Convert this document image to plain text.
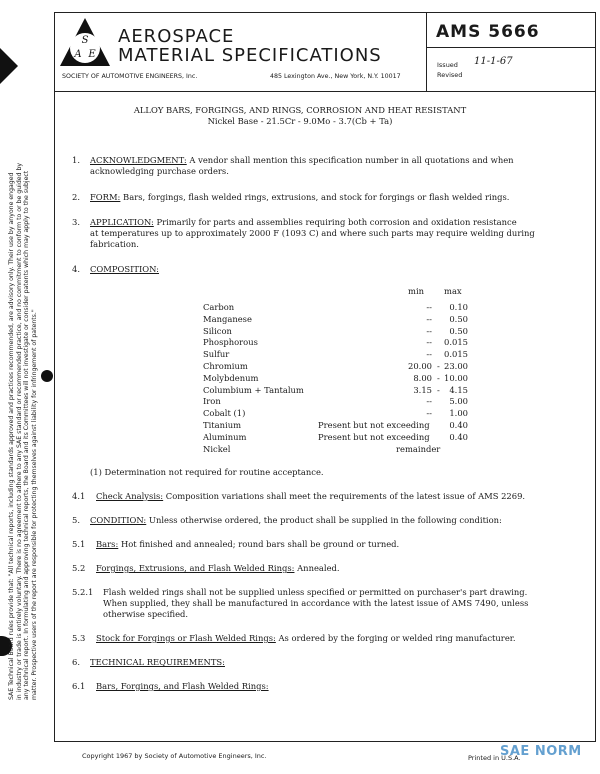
SAE Technical Board rules provide that: "All technical reports, including standards approved and practices recommended, are advisory only. Their use by anyone engaged in industry or trade is entirely voluntary. There is no agreement to adhere to any SAE standard or recommended practice, and no commitment to conform to or be guided by any technical report. In formulating and approving technical reports, the Board and its Committees will not investigate or consider patents which may apply to the subject matter. Prospective users of the report are responsible for protecting themselves against liability for infringement of patents."
S
A E
AEROSPACE
MATERIAL SPECIFICATIONS
SOCIETY OF AUTOMOTIVE ENGINEERS, Inc.	485 Lexington Ave., New York, N.Y. 10017
AMS 5666
Issued 11-1-67
Revised
ALLOY BARS, FORGINGS, AND RINGS, CORROSION AND HEAT RESISTANT
Nickel Base - 21.5Cr - 9.0Mo - 3.7(Cb + Ta)
1. ACKNOWLEDGMENT: A vendor shall mention this specification number in all quotations and when
acknowledging purchase orders.
2. FORM: Bars, forgings, flash welded rings, extrusions, and stock for forgings or flash welded rings.
3. APPLICATION: Primarily for parts and assemblies requiring both corrosion and oxidation resistance
at temperatures up to approximately 2000 F (1093 C) and where such parts may require welding during
fabrication.
4. COMPOSITION:
min max
Carbon	-- 0.10
Manganese	-- 0.50
Silicon	-- 0.50
Phosphorous	-- 0.015
Sulfur	-- 0.015
Chromium	20.00 - 23.00
Molybdenum	8.00 - 10.00
Columbium + Tantalum	3.15 - 4.15
Iron	-- 5.00
Cobalt (1)	-- 1.00
Titanium	Present but not exceeding 0.40
Aluminum	Present but not exceeding 0.40
Nickel	remainder
(1) Determination not required for routine acceptance.
4.1 Check Analysis: Composition variations shall meet the requirements of the latest issue of AMS 2269.
5. CONDITION: Unless otherwise ordered, the product shall be supplied in the following condition:
5.1 Bars: Hot finished and annealed; round bars shall be ground or turned.
5.2 Forgings, Extrusions, and Flash Welded Rings: Annealed.
5.2.1 Flash welded rings shall not be supplied unless specified or permitted on purchaser's part drawing.
When supplied, they shall be manufactured in accordance with the latest issue of AMS 7490, unless
otherwise specified.
5.3 Stock for Forgings or Flash Welded Rings: As ordered by the forging or welded ring manufacturer.
6. TECHNICAL REQUIREMENTS:
6.1 Bars, Forgings, and Flash Welded Rings:
Copyright 1967 by Society of Automotive Engineers, Inc.	Printed in U.S.A.
SAE NORM
